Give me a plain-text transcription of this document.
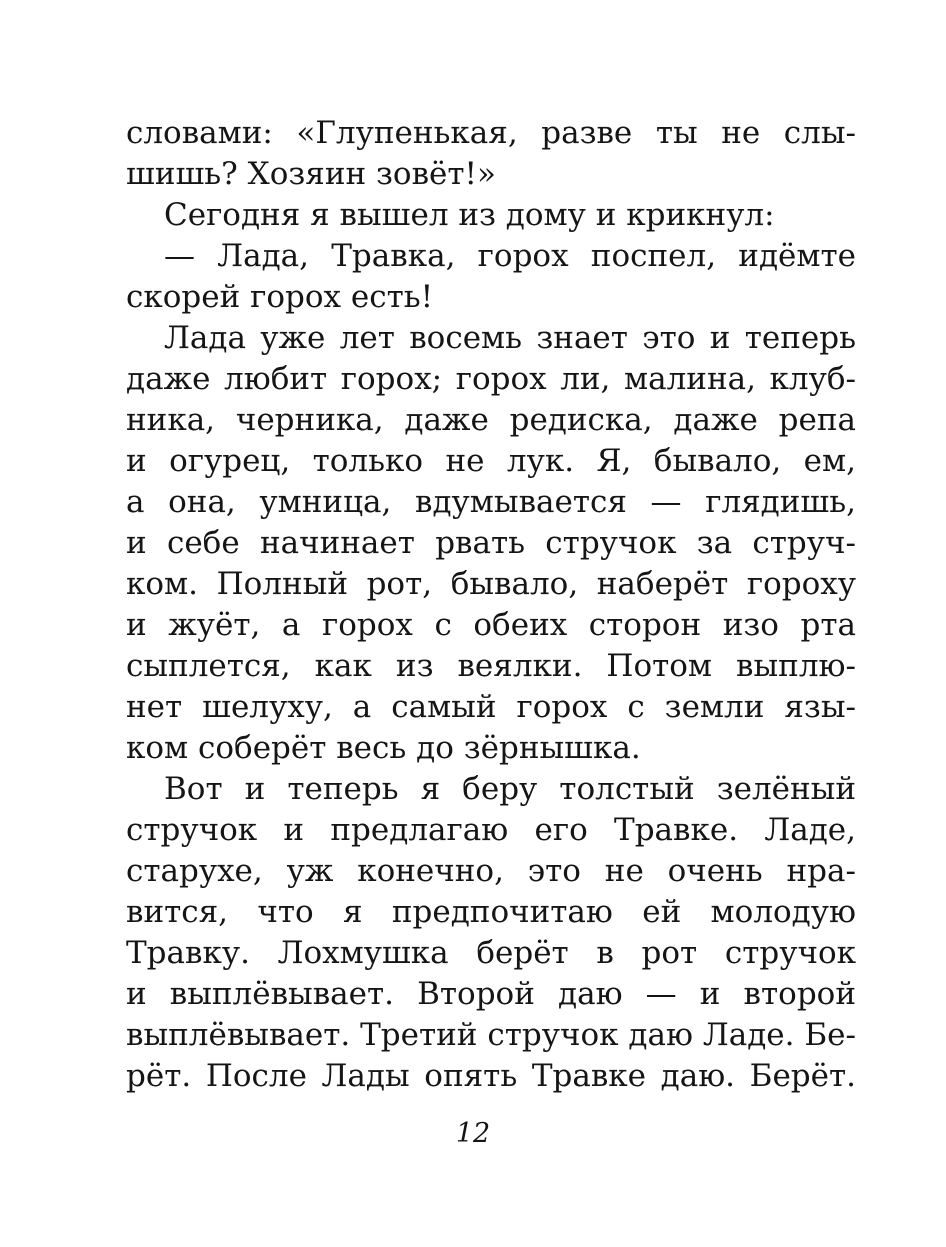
словами: «Глупенькая, разве ты не слы-
шишь? Хозяин зовёт!»
Сегодня я вышел из дому и крикнул:
— Лада, Травка, горох поспел, идёмте
скорей горох есть!
Лада уже лет восемь знает это и теперь
даже любит горох; горох ли, малина, клуб-
ника, черника, даже редиска, даже репа
и огурец, только не лук. Я, бывало, ем,
а она, умница, вдумывается — глядишь,
и себе начинает рвать стручок за струч-
ком. Полный рот, бывало, наберёт гороху
и жуёт, а горох с обеих сторон изо рта
сыплется, как из веялки. Потом выплю-
нет шелуху, а самый горох с земли язы-
ком соберёт весь до зёрнышка.
Вот и теперь я беру толстый зелёный
стручок и предлагаю его Травке. Ладе,
старухе, уж конечно, это не очень нра-
вится, что я предпочитаю ей молодую
Травку. Лохмушка берёт в рот стручок
и выплёвывает. Второй даю — и второй
выплёвывает. Третий стручок даю Ладе. Бе-
рёт. После Лады опять Травке даю. Берёт.
12
